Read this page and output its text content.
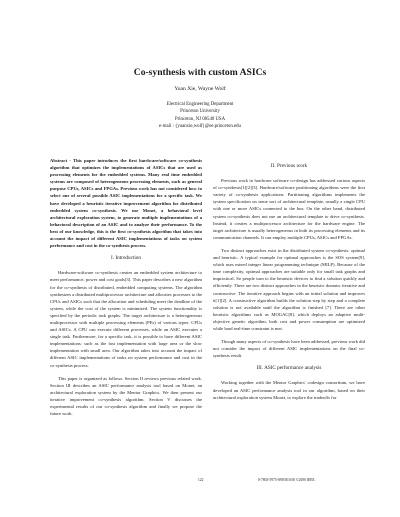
Co-synthesis with custom ASICs
Yuan Xie, Wayne Wolf
Electrical Engineering Department
Princeton University
Princeton, NJ 08540 USA
e-mail : {yuanxie,wolf}@ee.princeton.edu

Abstract - This paper introduces the first hardware/software co-synthesis algorithm that optimizes the implementations of ASICs that are used as processing elements for the embedded systems. Many real time embedded systems are composed of heterogeneous processing elements, such as general purpose CPUs, ASICs and FPGAs. Previous work has not considered how to select one of several possible ASIC implementations for a specific task. We have developed a heuristic iterative improvement algorithm for distributed embedded system co-synthesis. We use Monet, a behavioral level architectural exploration system, to generate multiple implementations of a behavioral description of an ASIC and to analyze their performance. To the best of our knowledge, this is the first co-synthesis algorithm that takes into account the impact of different ASIC implementations of tasks on system performance and cost in the co-synthesis process.

I. Introduction

Hardware-software co-synthesis creates an embedded system architecture to meet performance, power and cost goals[3]. This paper describes a new algorithm for the co-synthesis of distributed, embedded computing systems. The algorithm synthesizes a distributed multiprocessor architecture and allocates processes to the CPUs and ASICs such that the allocation and scheduling meet the deadline of the system, while the cost of the system is minimized. The system functionality is specified by the periodic task graphs. The target architecture is a heterogeneous multiprocessor with multiple processing elements (PEs) of various types: CPUs and ASICs. A CPU can execute different processes, while an ASIC executes a single task. Furthermore, for a specific task, it is possible to have different ASIC implementations: such as the fast implementation with large area or the slow implementation with small area. Our algorithm takes into account the impact of different ASIC implementations of tasks on system performance and cost in the co-synthesis process.

This paper is organized as follows. Section II reviews previous related work. Section III describes an ASIC performance analysis tool based on Monet, an architectural exploration system by the Mentor Graphics. We then present our iterative improvement co-synthesis algorithm. Section V discusses the experimental results of our co-synthesis algorithm and finally we propose the future work.

II. Previous work

Previous work in hardware software co-design has addressed various aspects of co-synthesis[1][2][3]. Hardware/software partitioning algorithms were the first variety of co-synthesis applications. Partitioning algorithms implements the system specification on some sort of architectural template, usually a single CPU with one or more ASICs connected to the bus. On the other hand, distributed system co-synthesis does not use an architectural template to drive co-synthesis. Instead, it creates a multiprocessor architecture for the hardware engine. The target architecture is usually heterogeneous in both its processing elements and its communication channels. It can employ multiple CPUs, ASICs and FPGAs.

Two distinct approaches exist in the distributed system co-synthesis: optimal and heuristic. A typical example for optimal approaches is the SOS system[9], which uses mixed integer linear programming technique (MILP). Because of the time complexity, optimal approaches are suitable only for small task graphs and impractical. So people turn to the heuristic devices to find a solution quickly and efficiently. There are two distinct approaches in the heuristic domain: iterative and constructive. The iterative approach begins with an initial solution and improves it[1][2]. A constructive algorithm builds the solution step by step and a complete solution is not available until the algorithm is finished [7]. There are other heuristic algorithms such as MOGAC[8], which deploys an adaptive multi-objective genetic algorithm, both cost and power consumption are optimized while hard real-time constraint is met.

Though many aspects of co-synthesis have been addressed, previous work did not consider the impact of different ASIC implementations on the final co-synthesis result.

III. ASIC performance analysis

Working together with the Mentor Graphics' codesign consortium, we have developed an ASIC performance analysis tool in our algorithm, based on their architectural exploration system Monet, to explore the tradeoffs for

122	0-7803-5973-9/00/$10.00 ©2000 IEEE.
